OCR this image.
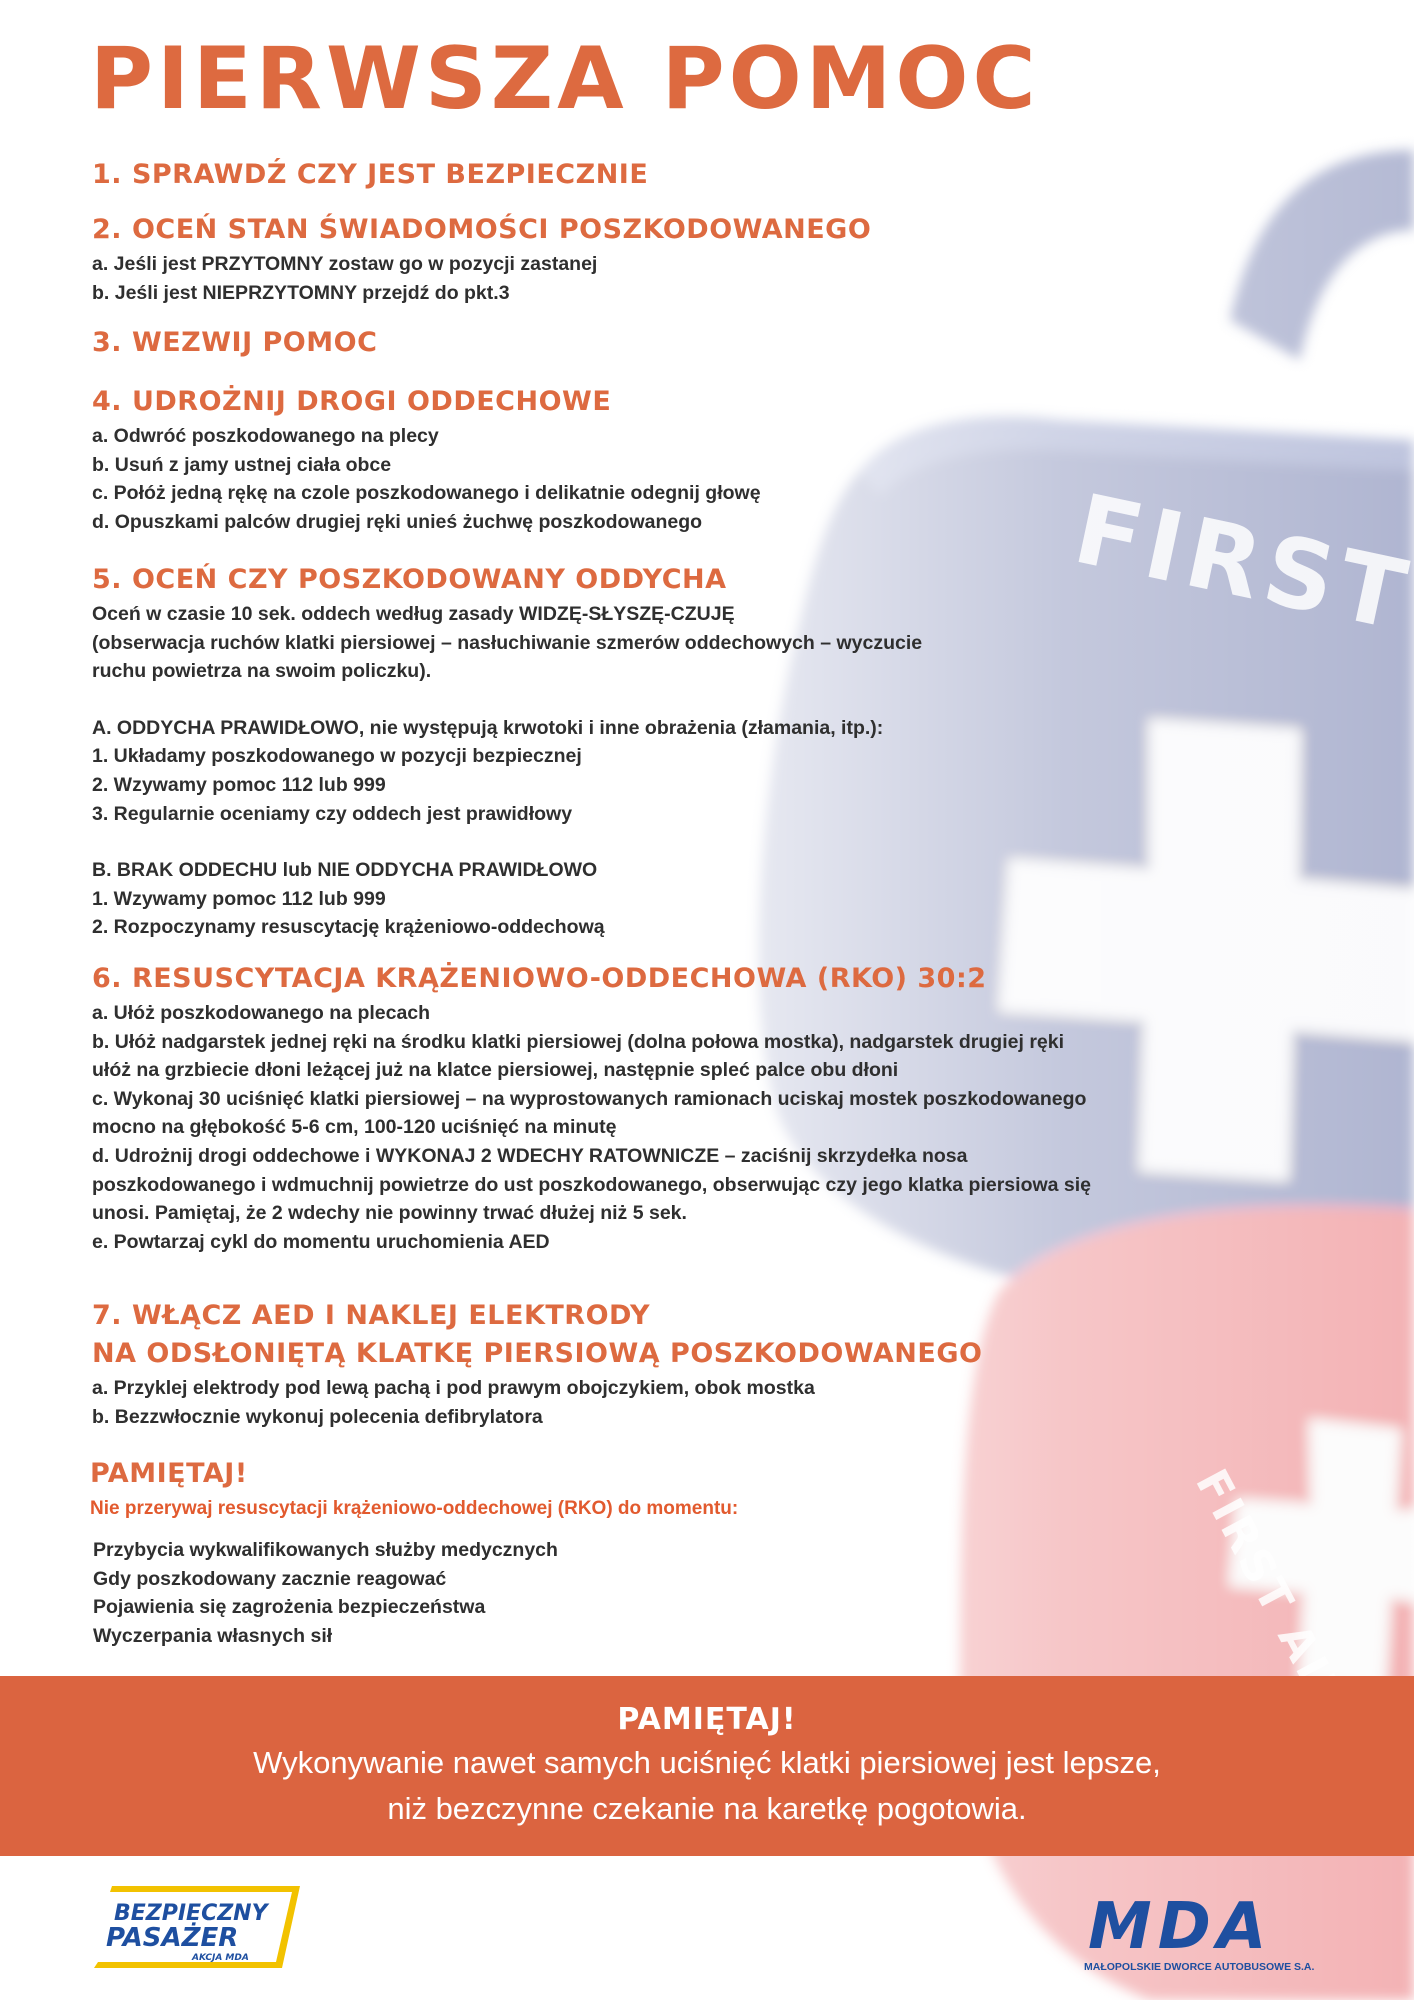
PIERWSZA POMOC
1. SPRAWDŹ CZY JEST BEZPIECZNIE
2. OCEŃ STAN ŚWIADOMOŚCI POSZKODOWANEGO
a. Jeśli jest PRZYTOMNY zostaw go w pozycji zastanej
b. Jeśli jest NIEPRZYTOMNY przejdź do pkt.3
3. WEZWIJ POMOC
4. UDROŻNIJ DROGI ODDECHOWE
a. Odwróć poszkodowanego na plecy
b. Usuń z jamy ustnej ciała obce
c. Połóż jedną rękę na czole poszkodowanego i delikatnie odegnij głowę
d. Opuszkami palców drugiej ręki unieś żuchwę poszkodowanego
5. OCEŃ CZY POSZKODOWANY ODDYCHA
Oceń w czasie 10 sek. oddech według zasady WIDZĘ-SŁYSZĘ-CZUJĘ
(obserwacja ruchów klatki piersiowej – nasłuchiwanie szmerów oddechowych – wyczucie
ruchu powietrza na swoim policzku).
A. ODDYCHA PRAWIDŁOWO, nie występują krwotoki i inne obrażenia (złamania, itp.):
1. Układamy poszkodowanego w pozycji bezpiecznej
2. Wzywamy pomoc 112 lub 999
3. Regularnie oceniamy czy oddech jest prawidłowy
B. BRAK ODDECHU lub NIE ODDYCHA PRAWIDŁOWO
1. Wzywamy pomoc 112 lub 999
2. Rozpoczynamy resuscytację krążeniowo-oddechową
6. RESUSCYTACJA KRĄŻENIOWO-ODDECHOWA (RKO) 30:2
a. Ułóż poszkodowanego na plecach
b. Ułóż nadgarstek jednej ręki na środku klatki piersiowej (dolna połowa mostka), nadgarstek drugiej ręki
ułóż na grzbiecie dłoni leżącej już na klatce piersiowej, następnie spleć palce obu dłoni
c. Wykonaj 30 uciśnięć klatki piersiowej – na wyprostowanych ramionach uciskaj mostek poszkodowanego
mocno na głębokość 5-6 cm, 100-120 uciśnięć na minutę
d. Udrożnij drogi oddechowe i WYKONAJ 2 WDECHY RATOWNICZE – zaciśnij skrzydełka nosa
poszkodowanego i wdmuchnij powietrze do ust poszkodowanego, obserwując czy jego klatka piersiowa się
unosi. Pamiętaj, że 2 wdechy nie powinny trwać dłużej niż 5 sek.
e. Powtarzaj cykl do momentu uruchomienia AED
7. WŁĄCZ AED I NAKLEJ ELEKTRODY
NA ODSŁONIĘTĄ KLATKĘ PIERSIOWĄ POSZKODOWANEGO
a. Przyklej elektrody pod lewą pachą i pod prawym obojczykiem, obok mostka
b. Bezzwłocznie wykonuj polecenia defibrylatora
PAMIĘTAJ!
Nie przerywaj resuscytacji krążeniowo-oddechowej (RKO) do momentu:
Przybycia wykwalifikowanych służby medycznych
Gdy poszkodowany zacznie reagować
Pojawienia się zagrożenia bezpieczeństwa
Wyczerpania własnych sił
PAMIĘTAJ!
Wykonywanie nawet samych uciśnięć klatki piersiowej jest lepsze,
niż bezczynne czekanie na karetkę pogotowia.
BEZPIECZNY
PASAŻER
AKCJA MDA	MDA
MAŁOPOLSKIE DWORCE AUTOBUSOWE S.A.
